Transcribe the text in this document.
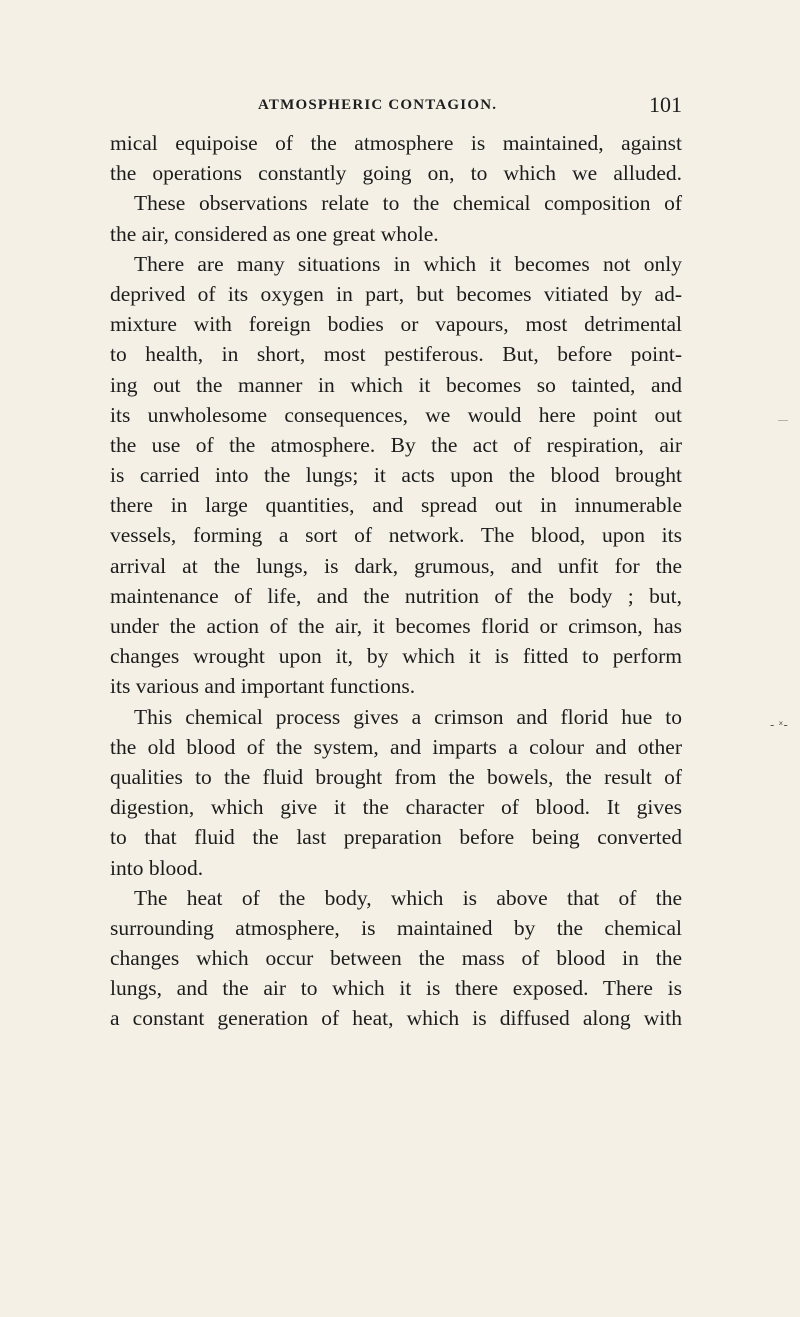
ATMOSPHERIC CONTAGION.	101
mical equipoise of the atmosphere is maintained, against
the operations constantly going on, to which we alluded.
These observations relate to the chemical composition of
the air, considered as one great whole.
There are many situations in which it becomes not only
deprived of its oxygen in part, but becomes vitiated by ad-
mixture with foreign bodies or vapours, most detrimental
to health, in short, most pestiferous. But, before point-
ing out the manner in which it becomes so tainted, and
its unwholesome consequences, we would here point out
the use of the atmosphere. By the act of respiration, air
is carried into the lungs; it acts upon the blood brought
there in large quantities, and spread out in innumerable
vessels, forming a sort of network. The blood, upon its
arrival at the lungs, is dark, grumous, and unfit for the
maintenance of life, and the nutrition of the body ; but,
under the action of the air, it becomes florid or crimson, has
changes wrought upon it, by which it is fitted to perform
its various and important functions.
This chemical process gives a crimson and florid hue to
the old blood of the system, and imparts a colour and other
qualities to the fluid brought from the bowels, the result of
digestion, which give it the character of blood. It gives
to that fluid the last preparation before being converted
into blood.
The heat of the body, which is above that of the
surrounding atmosphere, is maintained by the chemical
changes which occur between the mass of blood in the
lungs, and the air to which it is there exposed. There is
a constant generation of heat, which is diffused along with
- ˣ-
